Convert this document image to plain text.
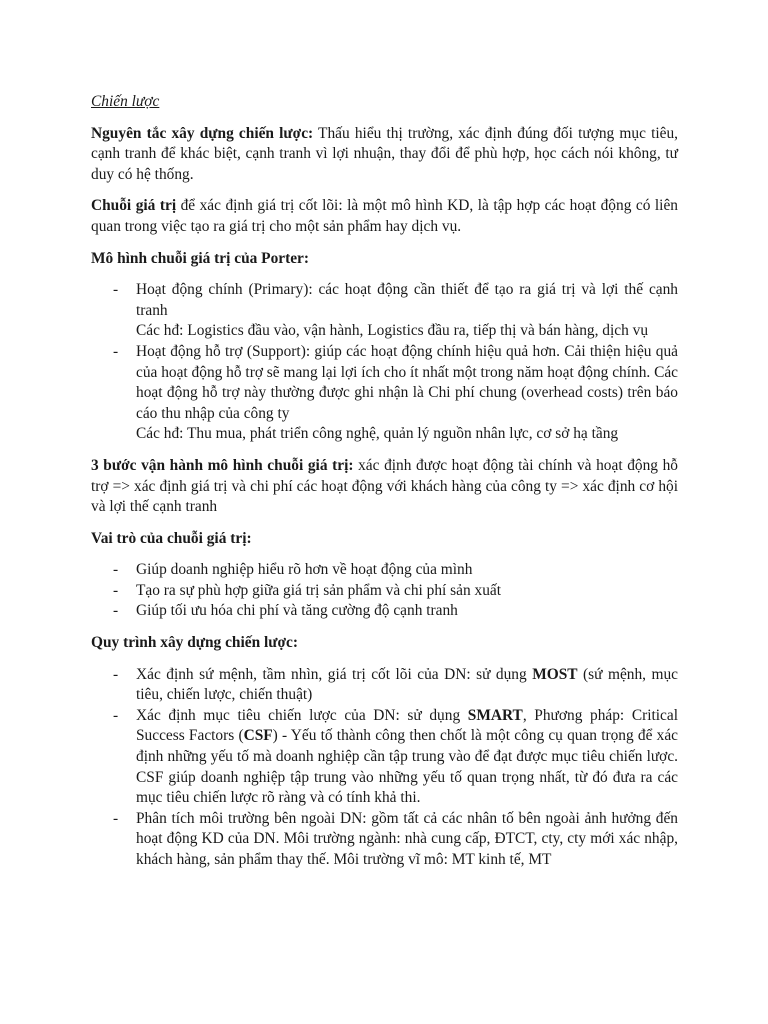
Chiến lược

Nguyên tắc xây dựng chiến lược: Thấu hiểu thị trường, xác định đúng đối tượng mục tiêu, cạnh tranh để khác biệt, cạnh tranh vì lợi nhuận, thay đổi để phù hợp, học cách nói không, tư duy có hệ thống.

Chuỗi giá trị để xác định giá trị cốt lõi: là một mô hình KD, là tập hợp các hoạt động có liên quan trong việc tạo ra giá trị cho một sản phẩm hay dịch vụ.

Mô hình chuỗi giá trị của Porter:

- Hoạt động chính (Primary): các hoạt động cần thiết để tạo ra giá trị và lợi thế cạnh tranh
Các hđ: Logistics đầu vào, vận hành, Logistics đầu ra, tiếp thị và bán hàng, dịch vụ
- Hoạt động hỗ trợ (Support): giúp các hoạt động chính hiệu quả hơn. Cải thiện hiệu quả của hoạt động hỗ trợ sẽ mang lại lợi ích cho ít nhất một trong năm hoạt động chính. Các hoạt động hỗ trợ này thường được ghi nhận là Chi phí chung (overhead costs) trên báo cáo thu nhập của công ty
Các hđ: Thu mua, phát triển công nghệ, quản lý nguồn nhân lực, cơ sở hạ tầng

3 bước vận hành mô hình chuỗi giá trị: xác định được hoạt động tài chính và hoạt động hỗ trợ => xác định giá trị và chi phí các hoạt động với khách hàng của công ty => xác định cơ hội và lợi thế cạnh tranh

Vai trò của chuỗi giá trị:

- Giúp doanh nghiệp hiểu rõ hơn về hoạt động của mình
- Tạo ra sự phù hợp giữa giá trị sản phẩm và chi phí sản xuất
- Giúp tối ưu hóa chi phí và tăng cường độ cạnh tranh

Quy trình xây dựng chiến lược:

- Xác định sứ mệnh, tầm nhìn, giá trị cốt lõi của DN: sử dụng MOST (sứ mệnh, mục tiêu, chiến lược, chiến thuật)
- Xác định mục tiêu chiến lược của DN: sử dụng SMART, Phương pháp: Critical Success Factors (CSF) - Yếu tố thành công then chốt là một công cụ quan trọng để xác định những yếu tố mà doanh nghiệp cần tập trung vào để đạt được mục tiêu chiến lược. CSF giúp doanh nghiệp tập trung vào những yếu tố quan trọng nhất, từ đó đưa ra các mục tiêu chiến lược rõ ràng và có tính khả thi.
- Phân tích môi trường bên ngoài DN: gồm tất cả các nhân tố bên ngoài ảnh hưởng đến hoạt động KD của DN. Môi trường ngành: nhà cung cấp, ĐTCT, cty, cty mới xác nhập, khách hàng, sản phẩm thay thế. Môi trường vĩ mô: MT kinh tế, MT
